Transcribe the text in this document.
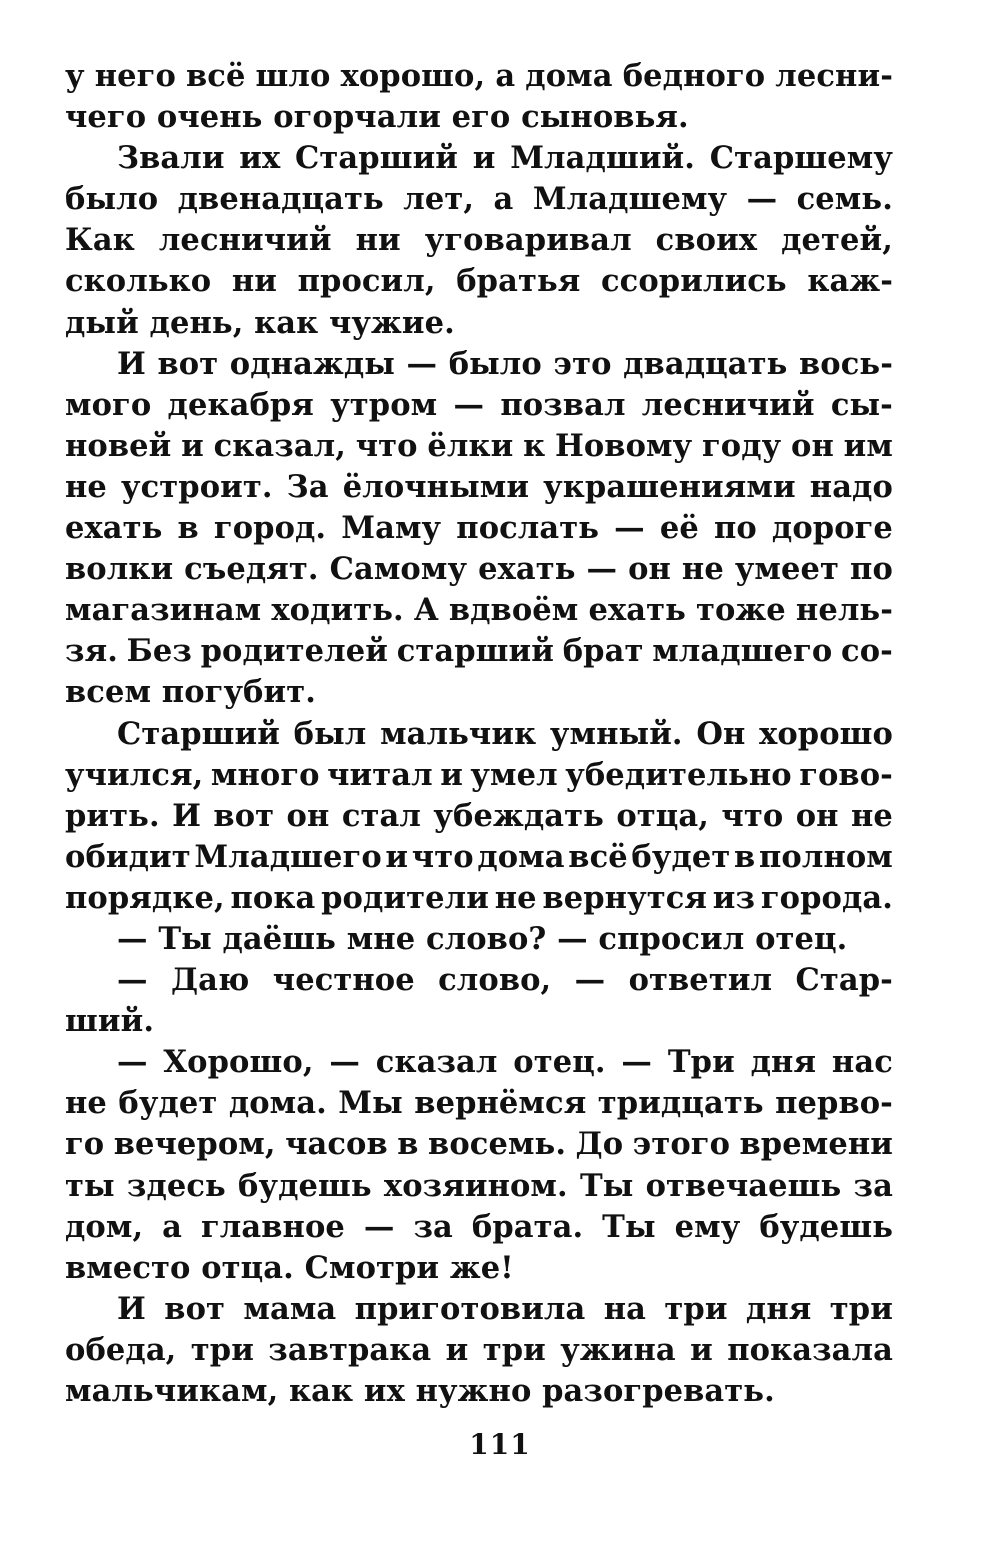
у него всё шло хорошо, а дома бедного лесни-
чего очень огорчали его сыновья.
Звали их Старший и Младший. Старшему
было двенадцать лет, а Младшему — семь.
Как лесничий ни уговаривал своих детей,
сколько ни просил, братья ссорились каж-
дый день, как чужие.
И вот однажды — было это двадцать вось-
мого декабря утром — позвал лесничий сы-
новей и сказал, что ёлки к Новому году он им
не устроит. За ёлочными украшениями надо
ехать в город. Маму послать — её по дороге
волки съедят. Самому ехать — он не умеет по
магазинам ходить. А вдвоём ехать тоже нель-
зя. Без родителей старший брат младшего со-
всем погубит.
Старший был мальчик умный. Он хорошо
учился, много читал и умел убедительно гово-
рить. И вот он стал убеждать отца, что он не
обидит Младшего и что дома всё будет в полном
порядке, пока родители не вернутся из города.
— Ты даёшь мне слово? — спросил отец.
— Даю честное слово, — ответил Стар-
ший.
— Хорошо, — сказал отец. — Три дня нас
не будет дома. Мы вернёмся тридцать перво-
го вечером, часов в восемь. До этого времени
ты здесь будешь хозяином. Ты отвечаешь за
дом, а главное — за брата. Ты ему будешь
вместо отца. Смотри же!
И вот мама приготовила на три дня три
обеда, три завтрака и три ужина и показала
мальчикам, как их нужно разогревать.
111
